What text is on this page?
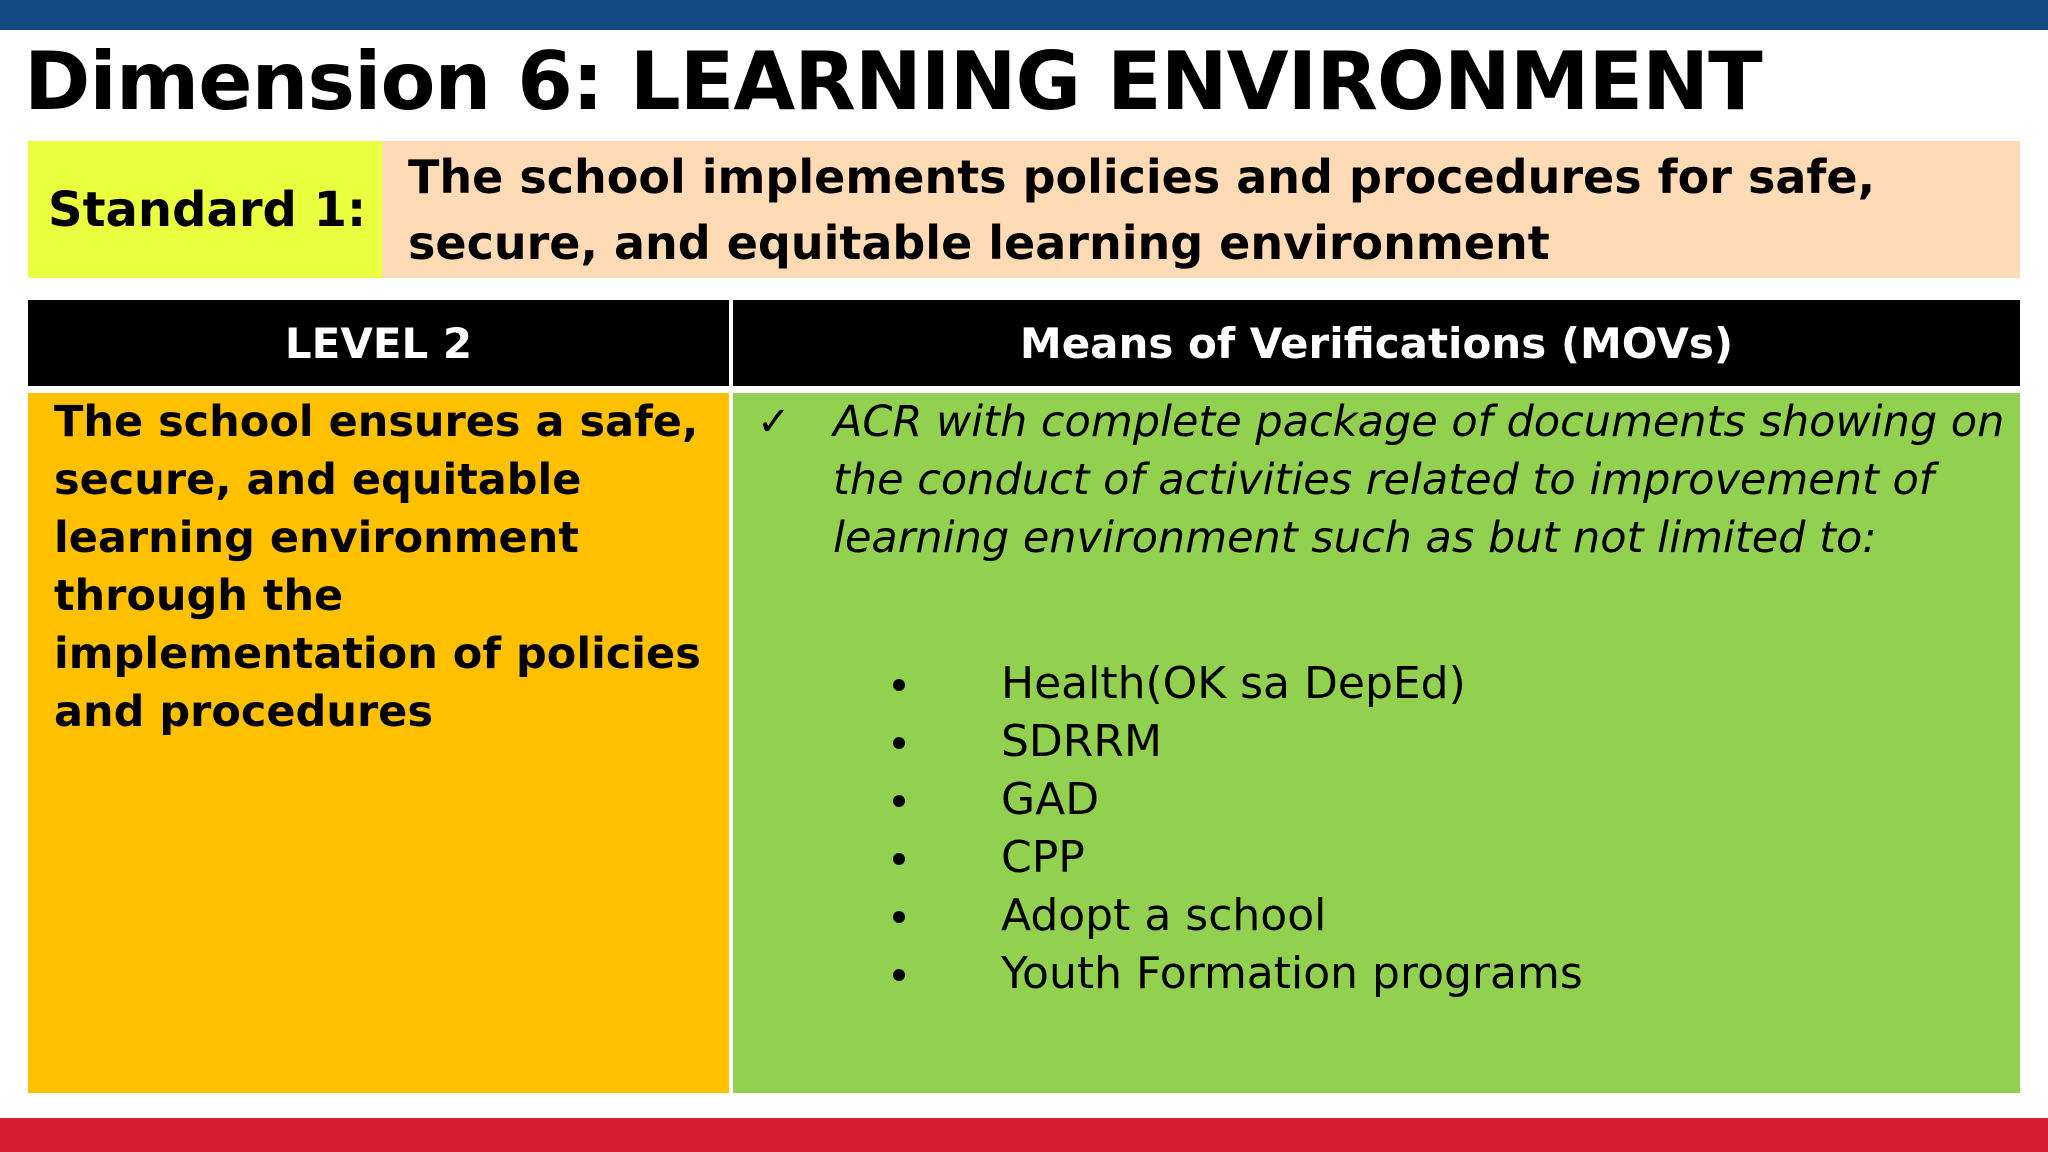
Dimension 6: LEARNING ENVIRONMENT
Standard 1:
The school implements policies and procedures for safe, secure, and equitable learning environment
LEVEL 2	Means of Verifications (MOVs)
The school ensures a safe, secure, and equitable learning environment through the implementation of policies and procedures
✓ ACR with complete package of documents showing on the conduct of activities related to improvement of learning environment such as but not limited to:
Health(OK sa DepEd)
SDRRM
GAD
CPP
Adopt a school
Youth Formation programs
